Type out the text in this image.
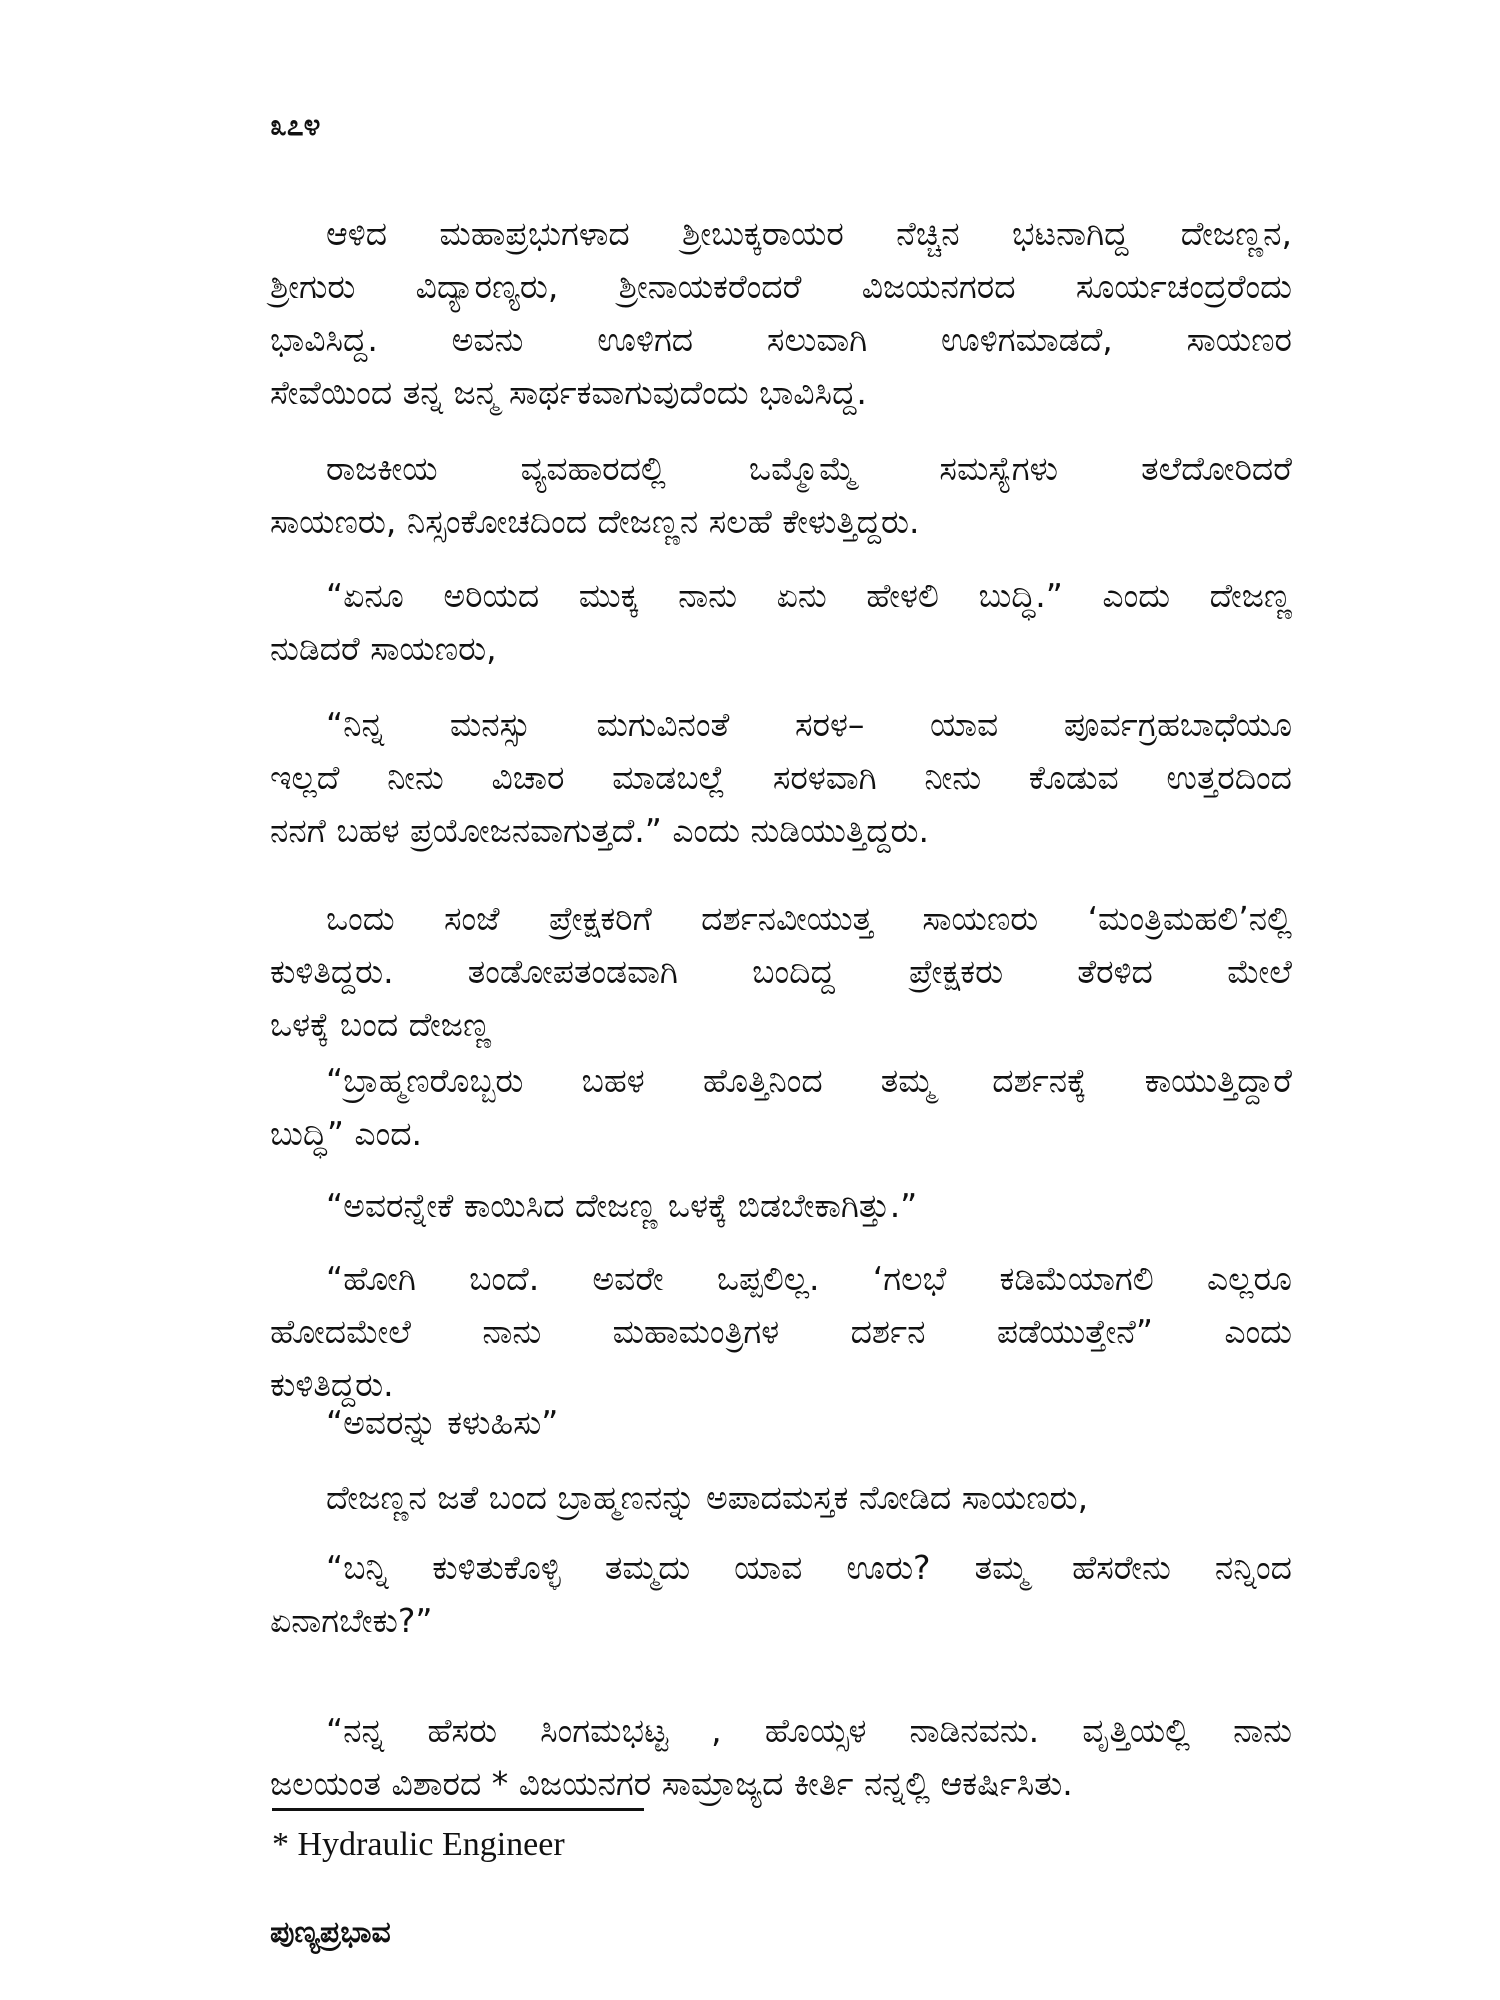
೩೭೪
ಆಳಿದ ಮಹಾಪ್ರಭುಗಳಾದ ಶ್ರೀಬುಕ್ಕರಾಯರ ನೆಚ್ಚಿನ ಭಟನಾಗಿದ್ದ ದೇಜಣ್ಣನ,
ಶ್ರೀಗುರು ವಿದ್ಯಾರಣ್ಯರು, ಶ್ರೀನಾಯಕರೆಂದರೆ ವಿಜಯನಗರದ ಸೂರ್ಯಚಂದ್ರರೆಂದು
ಭಾವಿಸಿದ್ದ. ಅವನು ಊಳಿಗದ ಸಲುವಾಗಿ ಊಳಿಗಮಾಡದೆ, ಸಾಯಣರ
ಸೇವೆಯಿಂದ ತನ್ನ ಜನ್ಮ ಸಾರ್ಥಕವಾಗುವುದೆಂದು ಭಾವಿಸಿದ್ದ.
ರಾಜಕೀಯ ವ್ಯವಹಾರದಲ್ಲಿ ಒಮ್ಮೊಮ್ಮೆ ಸಮಸ್ಯೆಗಳು ತಲೆದೋರಿದರೆ
ಸಾಯಣರು, ನಿಸ್ಸಂಕೋಚದಿಂದ ದೇಜಣ್ಣನ ಸಲಹೆ ಕೇಳುತ್ತಿದ್ದರು.
“ಏನೂ ಅರಿಯದ ಮುಕ್ಕ ನಾನು ಏನು ಹೇಳಲಿ ಬುದ್ಧಿ.” ಎಂದು ದೇಜಣ್ಣ
ನುಡಿದರೆ ಸಾಯಣರು,
“ನಿನ್ನ ಮನಸ್ಸು ಮಗುವಿನಂತೆ ಸರಳ– ಯಾವ ಪೂರ್ವಗ್ರಹಬಾಧೆಯೂ
ಇಲ್ಲದೆ ನೀನು ವಿಚಾರ ಮಾಡಬಲ್ಲೆ ಸರಳವಾಗಿ ನೀನು ಕೊಡುವ ಉತ್ತರದಿಂದ
ನನಗೆ ಬಹಳ ಪ್ರಯೋಜನವಾಗುತ್ತದೆ.” ಎಂದು ನುಡಿಯುತ್ತಿದ್ದರು.
ಒಂದು ಸಂಜೆ ಪ್ರೇಕ್ಷಕರಿಗೆ ದರ್ಶನವೀಯುತ್ತ ಸಾಯಣರು ‘ಮಂತ್ರಿಮಹಲಿ’ನಲ್ಲಿ
ಕುಳಿತಿದ್ದರು. ತಂಡೋಪತಂಡವಾಗಿ ಬಂದಿದ್ದ ಪ್ರೇಕ್ಷಕರು ತೆರಳಿದ ಮೇಲೆ
ಒಳಕ್ಕೆ ಬಂದ ದೇಜಣ್ಣ
“ಬ್ರಾಹ್ಮಣರೊಬ್ಬರು ಬಹಳ ಹೊತ್ತಿನಿಂದ ತಮ್ಮ ದರ್ಶನಕ್ಕೆ ಕಾಯುತ್ತಿದ್ದಾರೆ
ಬುದ್ಧಿ” ಎಂದ.
“ಅವರನ್ನೇಕೆ ಕಾಯಿಸಿದ ದೇಜಣ್ಣ ಒಳಕ್ಕೆ ಬಿಡಬೇಕಾಗಿತ್ತು.”
“ಹೋಗಿ ಬಂದೆ. ಅವರೇ ಒಪ್ಪಲಿಲ್ಲ. ‘ಗಲಭೆ ಕಡಿಮೆಯಾಗಲಿ ಎಲ್ಲರೂ
ಹೋದಮೇಲೆ ನಾನು ಮಹಾಮಂತ್ರಿಗಳ ದರ್ಶನ ಪಡೆಯುತ್ತೇನೆ” ಎಂದು
ಕುಳಿತಿದ್ದರು.
“ಅವರನ್ನು ಕಳುಹಿಸು”
ದೇಜಣ್ಣನ ಜತೆ ಬಂದ ಬ್ರಾಹ್ಮಣನನ್ನು ಅಪಾದಮಸ್ತಕ ನೋಡಿದ ಸಾಯಣರು,
“ಬನ್ನಿ ಕುಳಿತುಕೊಳ್ಳಿ ತಮ್ಮದು ಯಾವ ಊರು? ತಮ್ಮ ಹೆಸರೇನು ನನ್ನಿಂದ
ಏನಾಗಬೇಕು?”
“ನನ್ನ ಹೆಸರು ಸಿಂಗಮಭಟ್ಟ , ಹೊಯ್ಸಳ ನಾಡಿನವನು. ವೃತ್ತಿಯಲ್ಲಿ ನಾನು
ಜಲಯಂತ ವಿಶಾರದ * ವಿಜಯನಗರ ಸಾಮ್ರಾಜ್ಯದ ಕೀರ್ತಿ ನನ್ನಲ್ಲಿ ಆಕರ್ಷಿಸಿತು.
* Hydraulic Engineer
ಪುಣ್ಯಪ್ರಭಾವ
